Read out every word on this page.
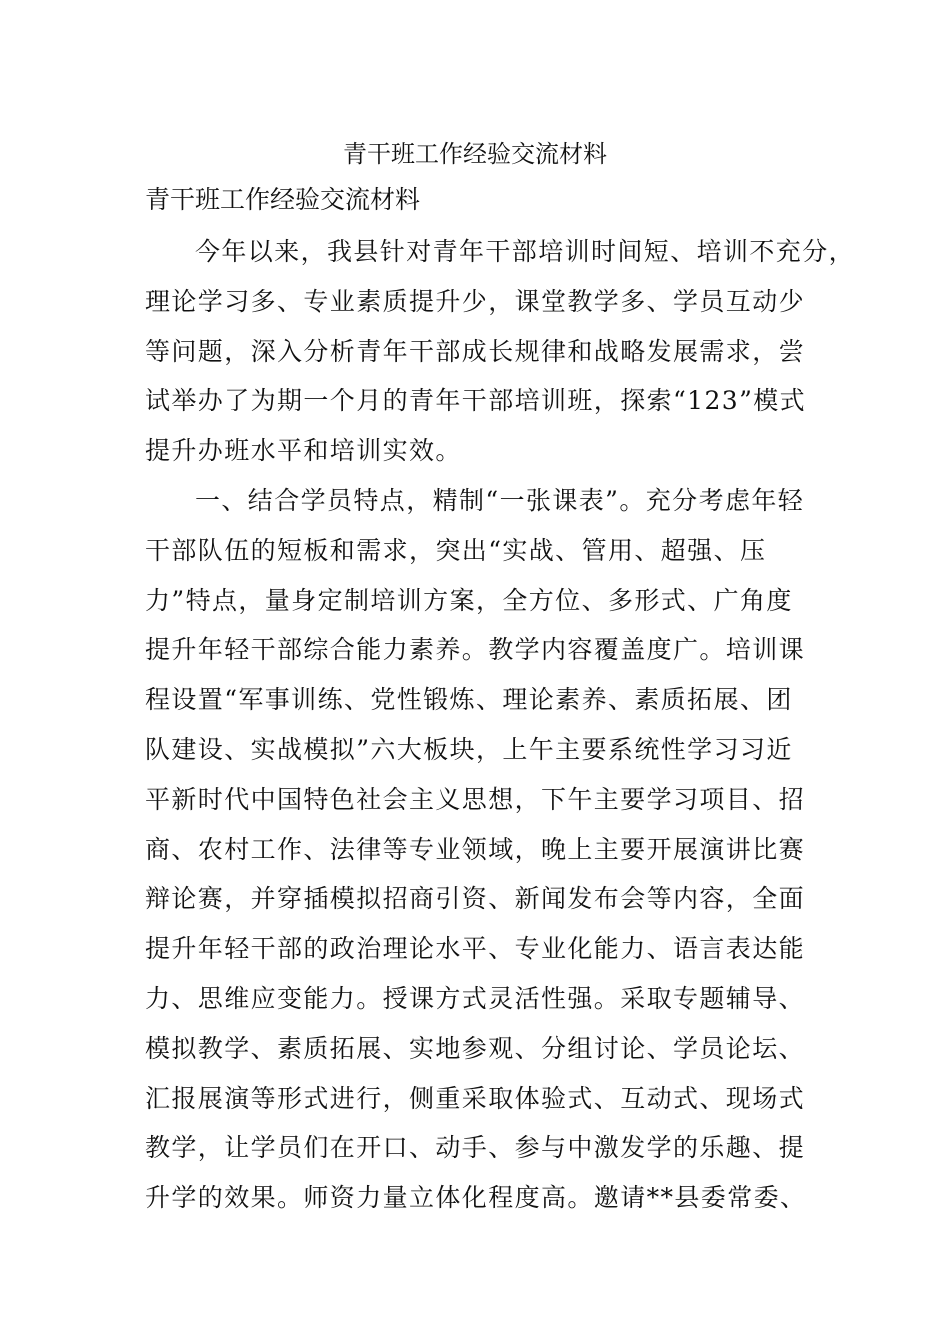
青干班工作经验交流材料

青干班工作经验交流材料

今年以来，我县针对青年干部培训时间短、培训不充分，
理论学习多、专业素质提升少，课堂教学多、学员互动少
等问题，深入分析青年干部成长规律和战略发展需求，尝
试举办了为期一个月的青年干部培训班，探索“123”模式
提升办班水平和培训实效。
一、结合学员特点，精制“一张课表”。充分考虑年轻
干部队伍的短板和需求，突出“实战、管用、超强、压
力”特点，量身定制培训方案，全方位、多形式、广角度
提升年轻干部综合能力素养。教学内容覆盖度广。培训课
程设置“军事训练、党性锻炼、理论素养、素质拓展、团
队建设、实战模拟”六大板块，上午主要系统性学习习近
平新时代中国特色社会主义思想，下午主要学习项目、招
商、农村工作、法律等专业领域，晚上主要开展演讲比赛
辩论赛，并穿插模拟招商引资、新闻发布会等内容，全面
提升年轻干部的政治理论水平、专业化能力、语言表达能
力、思维应变能力。授课方式灵活性强。采取专题辅导、
模拟教学、素质拓展、实地参观、分组讨论、学员论坛、
汇报展演等形式进行，侧重采取体验式、互动式、现场式
教学，让学员们在开口、动手、参与中激发学的乐趣、提
升学的效果。师资力量立体化程度高。邀请**县委常委、
